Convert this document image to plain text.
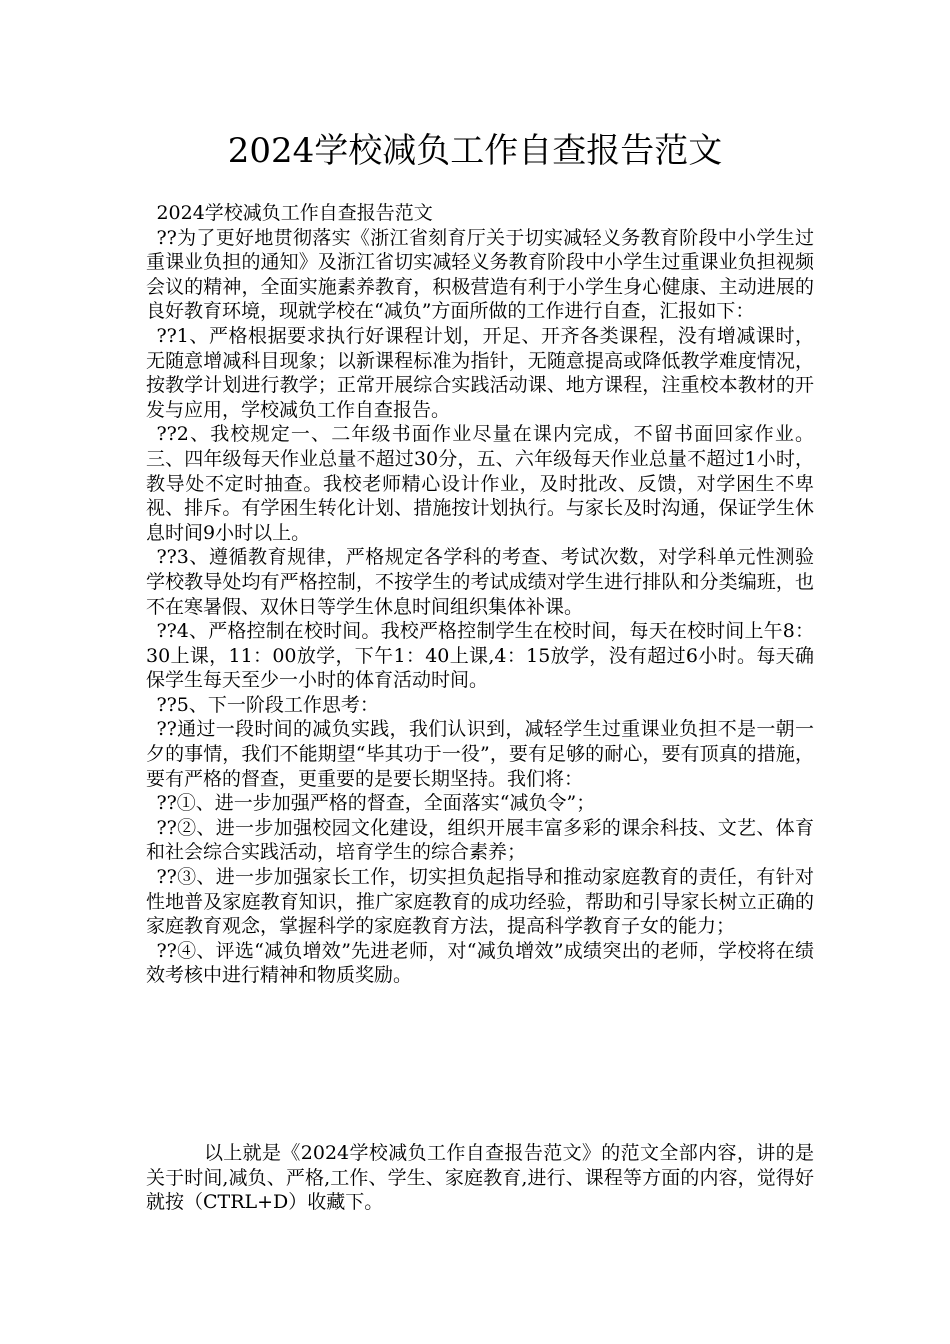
2024学校减负工作自查报告范文

2024学校减负工作自查报告范文

??为了更好地贯彻落实《浙江省刻育厅关于切实减轻义务教育阶段中小学生过重课业负担的通知》及浙江省切实减轻义务教育阶段中小学生过重课业负担视频会议的精神，全面实施素养教育，积极营造有利于小学生身心健康、主动进展的良好教育环境，现就学校在“减负”方面所做的工作进行自查，汇报如下：

??1、严格根据要求执行好课程计划，开足、开齐各类课程，没有增减课时，无随意增减科目现象；以新课程标准为指针，无随意提高或降低教学难度情况，按教学计划进行教学；正常开展综合实践活动课、地方课程，注重校本教材的开发与应用，学校减负工作自查报告。

??2、我校规定一、二年级书面作业尽量在课内完成，不留书面回家作业。三、四年级每天作业总量不超过30分，五、六年级每天作业总量不超过1小时，教导处不定时抽查。我校老师精心设计作业，及时批改、反馈，对学困生不卑视、排斥。有学困生转化计划、措施按计划执行。与家长及时沟通，保证学生休息时间9小时以上。

??3、遵循教育规律，严格规定各学科的考查、考试次数，对学科单元性测验学校教导处均有严格控制，不按学生的考试成绩对学生进行排队和分类编班，也不在寒暑假、双休日等学生休息时间组织集体补课。

??4、严格控制在校时间。我校严格控制学生在校时间，每天在校时间上午8：30上课，11：00放学，下午1：40上课,4：15放学，没有超过6小时。每天确保学生每天至少一小时的体育活动时间。

??5、下一阶段工作思考：

??通过一段时间的减负实践，我们认识到，减轻学生过重课业负担不是一朝一夕的事情，我们不能期望“毕其功于一役”，要有足够的耐心，要有顶真的措施，要有严格的督查，更重要的是要长期坚持。我们将：

??①、进一步加强严格的督查，全面落实“减负令”；

??②、进一步加强校园文化建设，组织开展丰富多彩的课余科技、文艺、体育和社会综合实践活动，培育学生的综合素养；

??③、进一步加强家长工作，切实担负起指导和推动家庭教育的责任，有针对性地普及家庭教育知识，推广家庭教育的成功经验，帮助和引导家长树立正确的家庭教育观念，掌握科学的家庭教育方法，提高科学教育子女的能力；

??④、评选“减负增效”先进老师，对“减负增效”成绩突出的老师，学校将在绩效考核中进行精神和物质奖励。

以上就是《2024学校减负工作自查报告范文》的范文全部内容，讲的是关于时间,减负、严格,工作、学生、家庭教育,进行、课程等方面的内容，觉得好就按（CTRL+D）收藏下。
